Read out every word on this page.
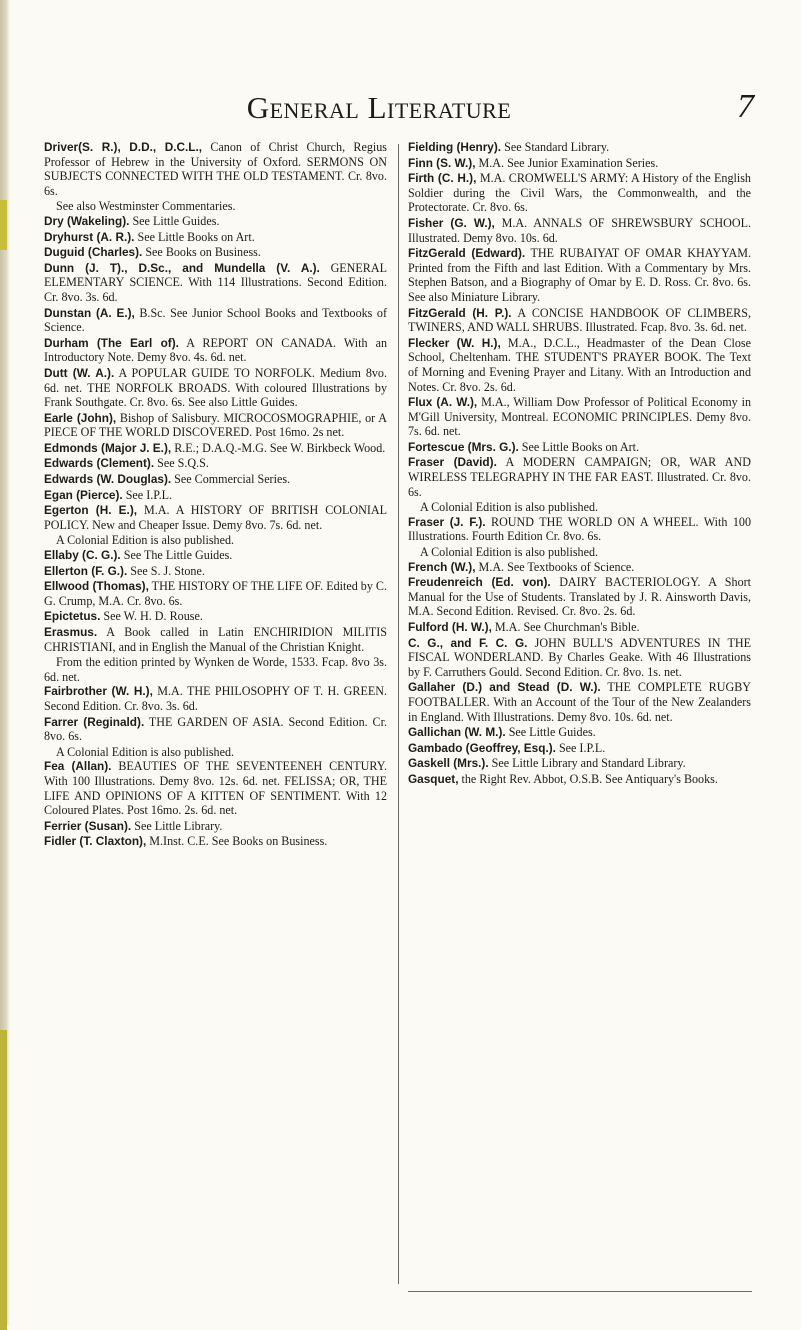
General Literature	7

Driver(S. R.), D.D., D.C.L., Canon of Christ Church, Regius Professor of Hebrew in the University of Oxford. SERMONS ON SUBJECTS CONNECTED WITH THE OLD TESTAMENT. Cr. 8vo. 6s.

See also Westminster Commentaries.

Dry (Wakeling). See Little Guides.

Dryhurst (A. R.). See Little Books on Art.

Duguid (Charles). See Books on Business.

Dunn (J. T)., D.Sc., and Mundella (V. A.). GENERAL ELEMENTARY SCIENCE. With 114 Illustrations. Second Edition. Cr. 8vo. 3s. 6d.

Dunstan (A. E.), B.Sc. See Junior School Books and Textbooks of Science.

Durham (The Earl of). A REPORT ON CANADA. With an Introductory Note. Demy 8vo. 4s. 6d. net.

Dutt (W. A.). A POPULAR GUIDE TO NORFOLK. Medium 8vo. 6d. net. THE NORFOLK BROADS. With coloured Illustrations by Frank Southgate. Cr. 8vo. 6s. See also Little Guides.

Earle (John), Bishop of Salisbury. MICROCOSMOGRAPHIE, or A PIECE OF THE WORLD DISCOVERED. Post 16mo. 2s net.

Edmonds (Major J. E.), R.E.; D.A.Q.-M.G. See W. Birkbeck Wood.

Edwards (Clement). See S.Q.S.

Edwards (W. Douglas). See Commercial Series.

Egan (Pierce). See I.P.L.

Egerton (H. E.), M.A. A HISTORY OF BRITISH COLONIAL POLICY. New and Cheaper Issue. Demy 8vo. 7s. 6d. net.

A Colonial Edition is also published.

Ellaby (C. G.). See The Little Guides.

Ellerton (F. G.). See S. J. Stone.

Ellwood (Thomas), THE HISTORY OF THE LIFE OF. Edited by C. G. Crump, M.A. Cr. 8vo. 6s.

Epictetus. See W. H. D. Rouse.

Erasmus. A Book called in Latin ENCHIRIDION MILITIS CHRISTIANI, and in English the Manual of the Christian Knight.

From the edition printed by Wynken de Worde, 1533. Fcap. 8vo 3s. 6d. net.

Fairbrother (W. H.), M.A. THE PHILOSOPHY OF T. H. GREEN. Second Edition. Cr. 8vo. 3s. 6d.

Farrer (Reginald). THE GARDEN OF ASIA. Second Edition. Cr. 8vo. 6s.

A Colonial Edition is also published.

Fea (Allan). BEAUTIES OF THE SEVENTEENEH CENTURY. With 100 Illustrations. Demy 8vo. 12s. 6d. net. FELISSA; OR, THE LIFE AND OPINIONS OF A KITTEN OF SENTIMENT. With 12 Coloured Plates. Post 16mo. 2s. 6d. net.

Ferrier (Susan). See Little Library.

Fidler (T. Claxton), M.Inst. C.E. See Books on Business.

Fielding (Henry). See Standard Library.

Finn (S. W.), M.A. See Junior Examination Series.

Firth (C. H.), M.A. CROMWELL'S ARMY: A History of the English Soldier during the Civil Wars, the Commonwealth, and the Protectorate. Cr. 8vo. 6s.

Fisher (G. W.), M.A. ANNALS OF SHREWSBURY SCHOOL. Illustrated. Demy 8vo. 10s. 6d.

FitzGerald (Edward). THE RUBAIYAT OF OMAR KHAYYAM. Printed from the Fifth and last Edition. With a Commentary by Mrs. Stephen Batson, and a Biography of Omar by E. D. Ross. Cr. 8vo. 6s. See also Miniature Library.

FitzGerald (H. P.). A CONCISE HANDBOOK OF CLIMBERS, TWINERS, AND WALL SHRUBS. Illustrated. Fcap. 8vo. 3s. 6d. net.

Flecker (W. H.), M.A., D.C.L., Headmaster of the Dean Close School, Cheltenham. THE STUDENT'S PRAYER BOOK. The Text of Morning and Evening Prayer and Litany. With an Introduction and Notes. Cr. 8vo. 2s. 6d.

Flux (A. W.), M.A., William Dow Professor of Political Economy in M'Gill University, Montreal. ECONOMIC PRINCIPLES. Demy 8vo. 7s. 6d. net.

Fortescue (Mrs. G.). See Little Books on Art.

Fraser (David). A MODERN CAMPAIGN; OR, WAR AND WIRELESS TELEGRAPHY IN THE FAR EAST. Illustrated. Cr. 8vo. 6s.

A Colonial Edition is also published.

Fraser (J. F.). ROUND THE WORLD ON A WHEEL. With 100 Illustrations. Fourth Edition Cr. 8vo. 6s.

A Colonial Edition is also published.

French (W.), M.A. See Textbooks of Science.

Freudenreich (Ed. von). DAIRY BACTERIOLOGY. A Short Manual for the Use of Students. Translated by J. R. Ainsworth Davis, M.A. Second Edition. Revised. Cr. 8vo. 2s. 6d.

Fulford (H. W.), M.A. See Churchman's Bible.

C. G., and F. C. G. JOHN BULL'S ADVENTURES IN THE FISCAL WONDERLAND. By Charles Geake. With 46 Illustrations by F. Carruthers Gould. Second Edition. Cr. 8vo. 1s. net.

Gallaher (D.) and Stead (D. W.). THE COMPLETE RUGBY FOOTBALLER. With an Account of the Tour of the New Zealanders in England. With Illustrations. Demy 8vo. 10s. 6d. net.

Gallichan (W. M.). See Little Guides.

Gambado (Geoffrey, Esq.). See I.P.L.

Gaskell (Mrs.). See Little Library and Standard Library.

Gasquet, the Right Rev. Abbot, O.S.B. See Antiquary's Books.
